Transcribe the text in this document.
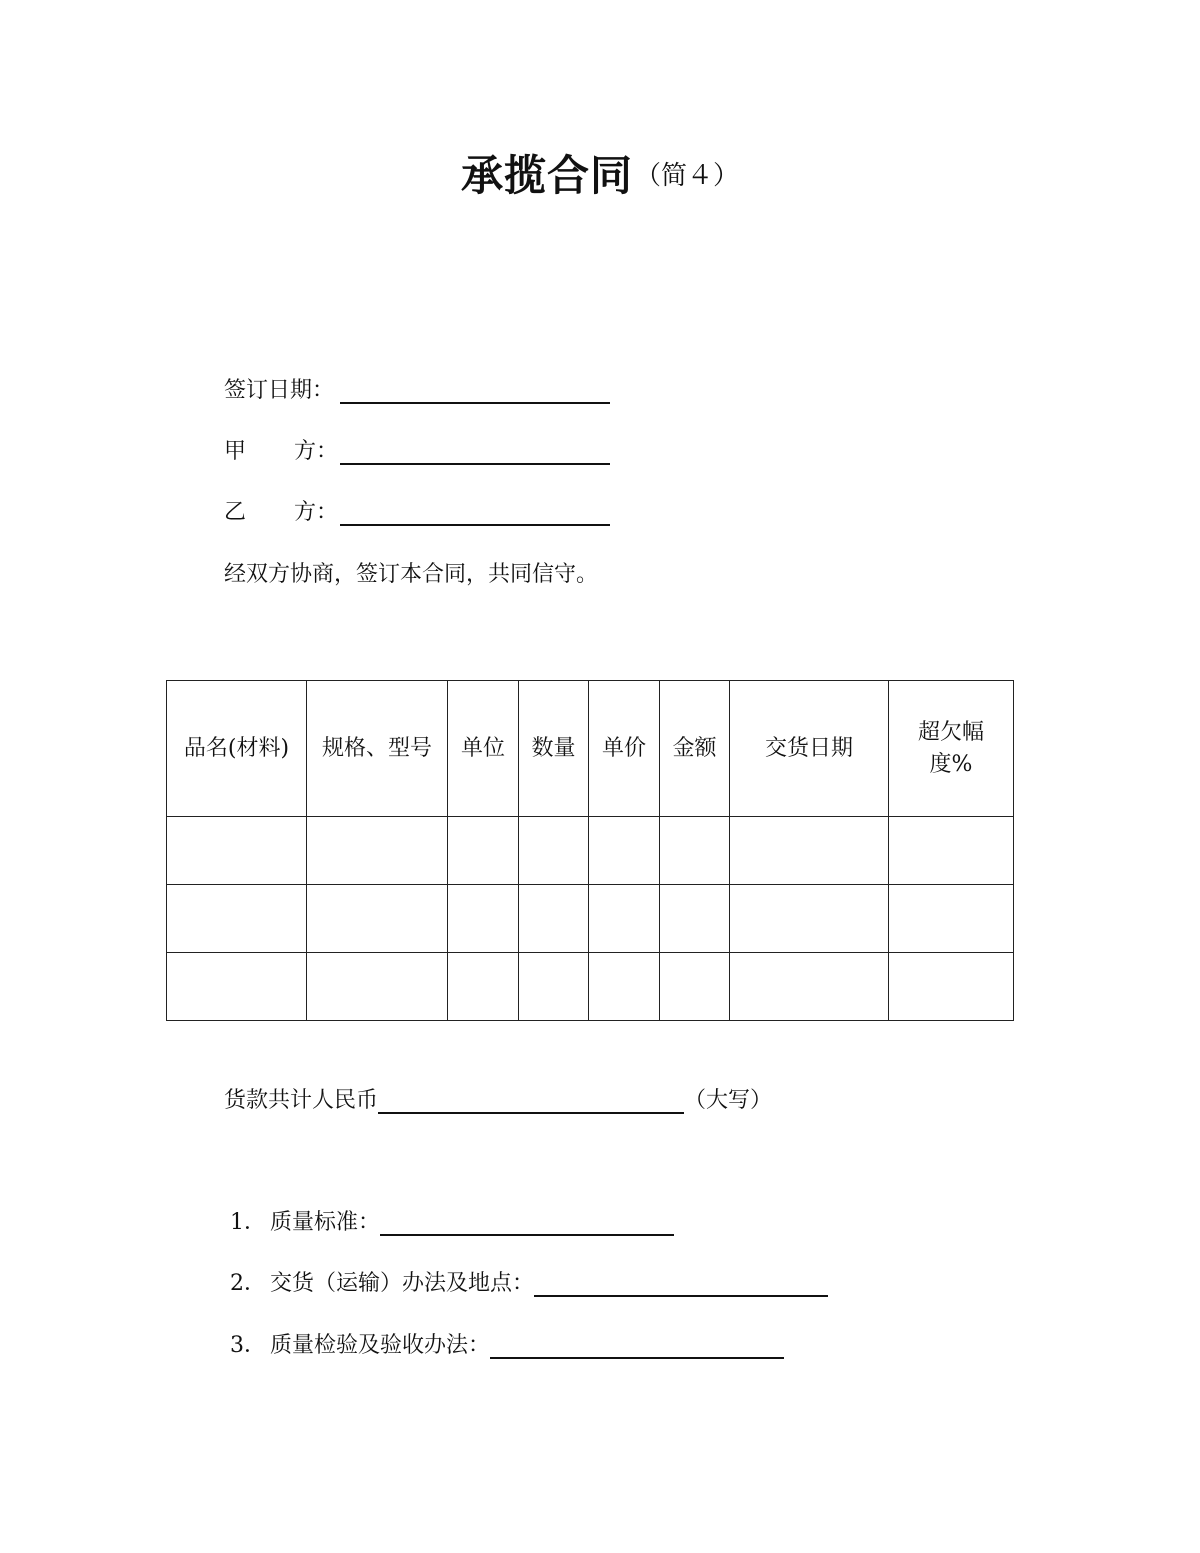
承揽合同（简４）
签订日期：
甲 方：
乙 方：
经双方协商，签订本合同，共同信守。
品名(材料)	规格、型号	单位	数量	单价	金额	交货日期	超欠幅
度%

货款共计人民币	（大写）
1． 质量标准：
2． 交货（运输）办法及地点：
3． 质量检验及验收办法：
